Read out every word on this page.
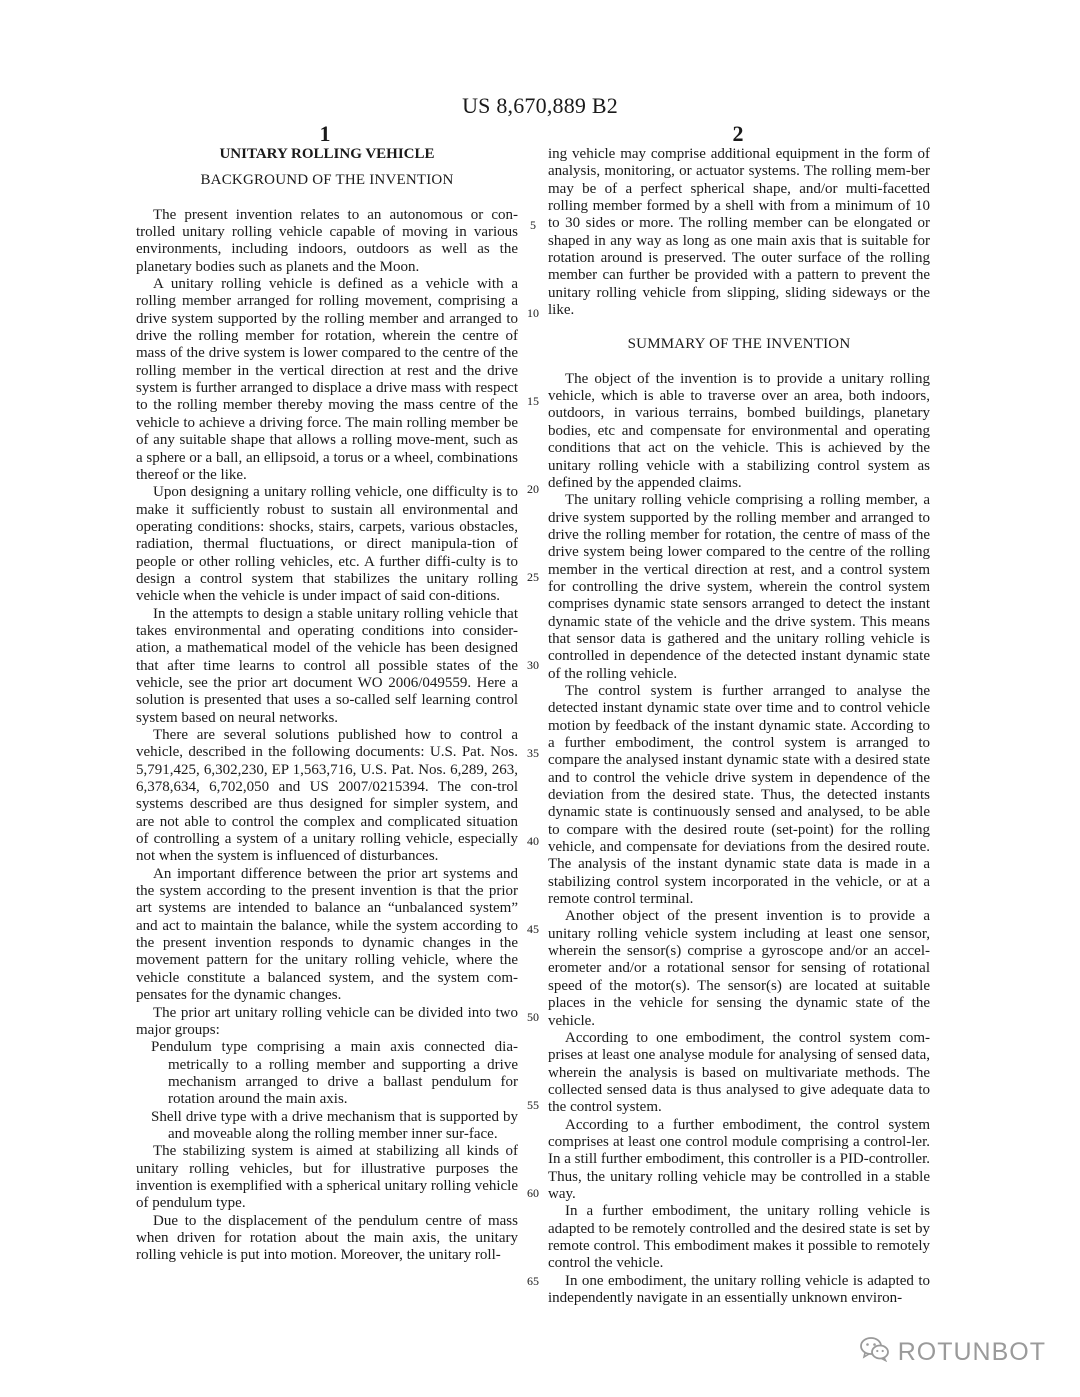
US 8,670,889 B2
1	2
UNITARY ROLLING VEHICLE
BACKGROUND OF THE INVENTION

The present invention relates to an autonomous or con-trolled unitary rolling vehicle capable of moving in various environments, including indoors, outdoors as well as the planetary bodies such as planets and the Moon.

A unitary rolling vehicle is defined as a vehicle with a rolling member arranged for rolling movement, comprising a drive system supported by the rolling member and arranged to drive the rolling member for rotation, wherein the centre of mass of the drive system is lower compared to the centre of the rolling member in the vertical direction at rest and the drive system is further arranged to displace a drive mass with respect to the rolling member thereby moving the mass centre of the vehicle to achieve a driving force. The main rolling member be of any suitable shape that allows a rolling move-ment, such as a sphere or a ball, an ellipsoid, a torus or a wheel, combinations thereof or the like.

Upon designing a unitary rolling vehicle, one difficulty is to make it sufficiently robust to sustain all environmental and operating conditions: shocks, stairs, carpets, various obstacles, radiation, thermal fluctuations, or direct manipula-tion of people or other rolling vehicles, etc. A further diffi-culty is to design a control system that stabilizes the unitary rolling vehicle when the vehicle is under impact of said con-ditions.

In the attempts to design a stable unitary rolling vehicle that takes environmental and operating conditions into consider-ation, a mathematical model of the vehicle has been designed that after time learns to control all possible states of the vehicle, see the prior art document WO 2006/049559. Here a solution is presented that uses a so-called self learning control system based on neural networks.

There are several solutions published how to control a vehicle, described in the following documents: U.S. Pat. Nos. 5,791,425, 6,302,230, EP 1,563,716, U.S. Pat. Nos. 6,289, 263, 6,378,634, 6,702,050 and US 2007/0215394. The con-trol systems described are thus designed for simpler system, and are not able to control the complex and complicated situation of controlling a system of a unitary rolling vehicle, especially not when the system is influenced of disturbances.

An important difference between the prior art systems and the system according to the present invention is that the prior art systems are intended to balance an “unbalanced system” and act to maintain the balance, while the system according to the present invention responds to dynamic changes in the movement pattern for the unitary rolling vehicle, where the vehicle constitute a balanced system, and the system com-pensates for the dynamic changes.

The prior art unitary rolling vehicle can be divided into two major groups:

Pendulum type comprising a main axis connected dia-metrically to a rolling member and supporting a drive mechanism arranged to drive a ballast pendulum for rotation around the main axis.

Shell drive type with a drive mechanism that is supported by and moveable along the rolling member inner sur-face.

The stabilizing system is aimed at stabilizing all kinds of unitary rolling vehicles, but for illustrative purposes the invention is exemplified with a spherical unitary rolling vehicle of pendulum type.

Due to the displacement of the pendulum centre of mass when driven for rotation about the main axis, the unitary rolling vehicle is put into motion. Moreover, the unitary roll-

ing vehicle may comprise additional equipment in the form of analysis, monitoring, or actuator systems. The rolling mem-ber may be of a perfect spherical shape, and/or multi-facetted rolling member formed by a shell with from a minimum of 10 to 30 sides or more. The rolling member can be elongated or shaped in any way as long as one main axis that is suitable for rotation around is preserved. The outer surface of the rolling member can further be provided with a pattern to prevent the unitary rolling vehicle from slipping, sliding sideways or the like.

SUMMARY OF THE INVENTION

The object of the invention is to provide a unitary rolling vehicle, which is able to traverse over an area, both indoors, outdoors, in various terrains, bombed buildings, planetary bodies, etc and compensate for environmental and operating conditions that act on the vehicle. This is achieved by the unitary rolling vehicle with a stabilizing control system as defined by the appended claims.

The unitary rolling vehicle comprising a rolling member, a drive system supported by the rolling member and arranged to drive the rolling member for rotation, the centre of mass of the drive system being lower compared to the centre of the rolling member in the vertical direction at rest, and a control system for controlling the drive system, wherein the control system comprises dynamic state sensors arranged to detect the instant dynamic state of the vehicle and the drive system. This means that sensor data is gathered and the unitary rolling vehicle is controlled in dependence of the detected instant dynamic state of the rolling vehicle.

The control system is further arranged to analyse the detected instant dynamic state over time and to control vehicle motion by feedback of the instant dynamic state. According to a further embodiment, the control system is arranged to compare the analysed instant dynamic state with a desired state and to control the vehicle drive system in dependence of the deviation from the desired state. Thus, the detected instants dynamic state is continuously sensed and analysed, to be able to compare with the desired route (set-point) for the rolling vehicle, and compensate for deviations from the desired route. The analysis of the instant dynamic state data is made in a stabilizing control system incorporated in the vehicle, or at a remote control terminal.

Another object of the present invention is to provide a unitary rolling vehicle system including at least one sensor, wherein the sensor(s) comprise a gyroscope and/or an accel-erometer and/or a rotational sensor for sensing of rotational speed of the motor(s). The sensor(s) are located at suitable places in the vehicle for sensing the dynamic state of the vehicle.

According to one embodiment, the control system com-prises at least one analyse module for analysing of sensed data, wherein the analysis is based on multivariate methods. The collected sensed data is thus analysed to give adequate data to the control system.

According to a further embodiment, the control system comprises at least one control module comprising a control-ler. In a still further embodiment, this controller is a PID-controller. Thus, the unitary rolling vehicle may be controlled in a stable way.

In a further embodiment, the unitary rolling vehicle is adapted to be remotely controlled and the desired state is set by remote control. This embodiment makes it possible to remotely control the vehicle.

In one embodiment, the unitary rolling vehicle is adapted to independently navigate in an essentially unknown environ-

5
10
15
20
25
30
35
40
45
50
55
60
65
ROTUNBOT
